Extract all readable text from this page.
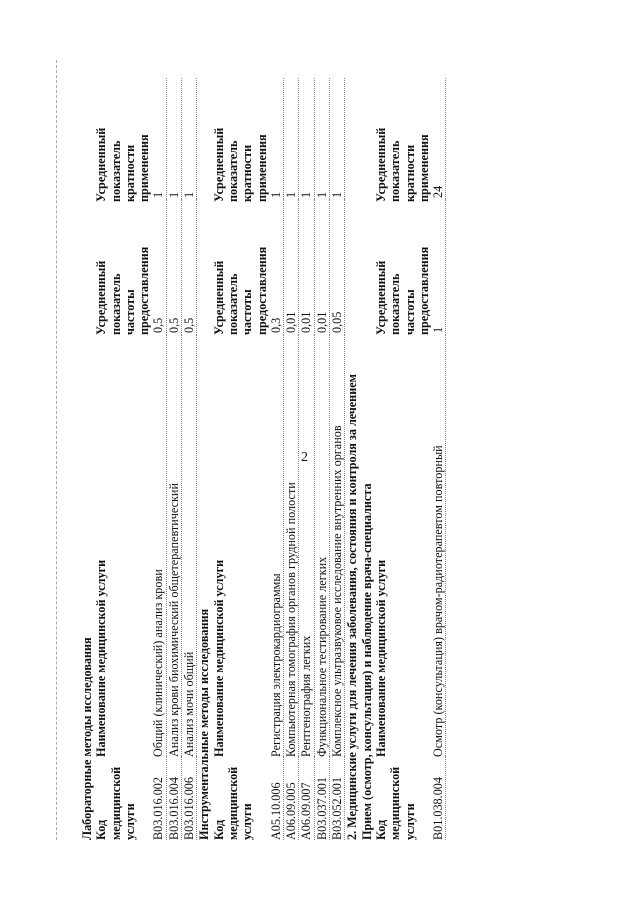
2
Лабораторные методы исследования Код медицинской услуги
Наименование медицинской услуги
Усредненный показатель частоты предоставления
Усредненный показатель кратности применения
B03.016.002
Общий (клинический) анализ крови
0,5
1
B03.016.004
Анализ крови биохимический общетерапевтический
0,5
1
B03.016.006
Анализ мочи общий
0,5
1
Инструментальные методы исследования Код медицинской услуги
Наименование медицинской услуги
Усредненный показатель частоты предоставления
Усредненный показатель кратности применения
A05.10.006
Регистрация электрокардиограммы
0,3
1
A06.09.005
Компьютерная томография органов грудной полости
0,01
1
A06.09.007
Рентгенография легких
0,01
1
B03.037.001
Функциональное тестирование легких
0,01
1
B03.052.001
Комплексное ультразвуковое исследование внутренних органов
0,05
1
2. Медицинские услуги для лечения заболевания, состояния и контроля за лечением Прием (осмотр, консультация) и наблюдение врача-специалиста Код медицинской услуги
Наименование медицинской услуги
Усредненный показатель частоты предоставления
Усредненный показатель кратности применения
B01.038.004
Осмотр (консультация) врачом-радиотерапевтом повторный
1
24
